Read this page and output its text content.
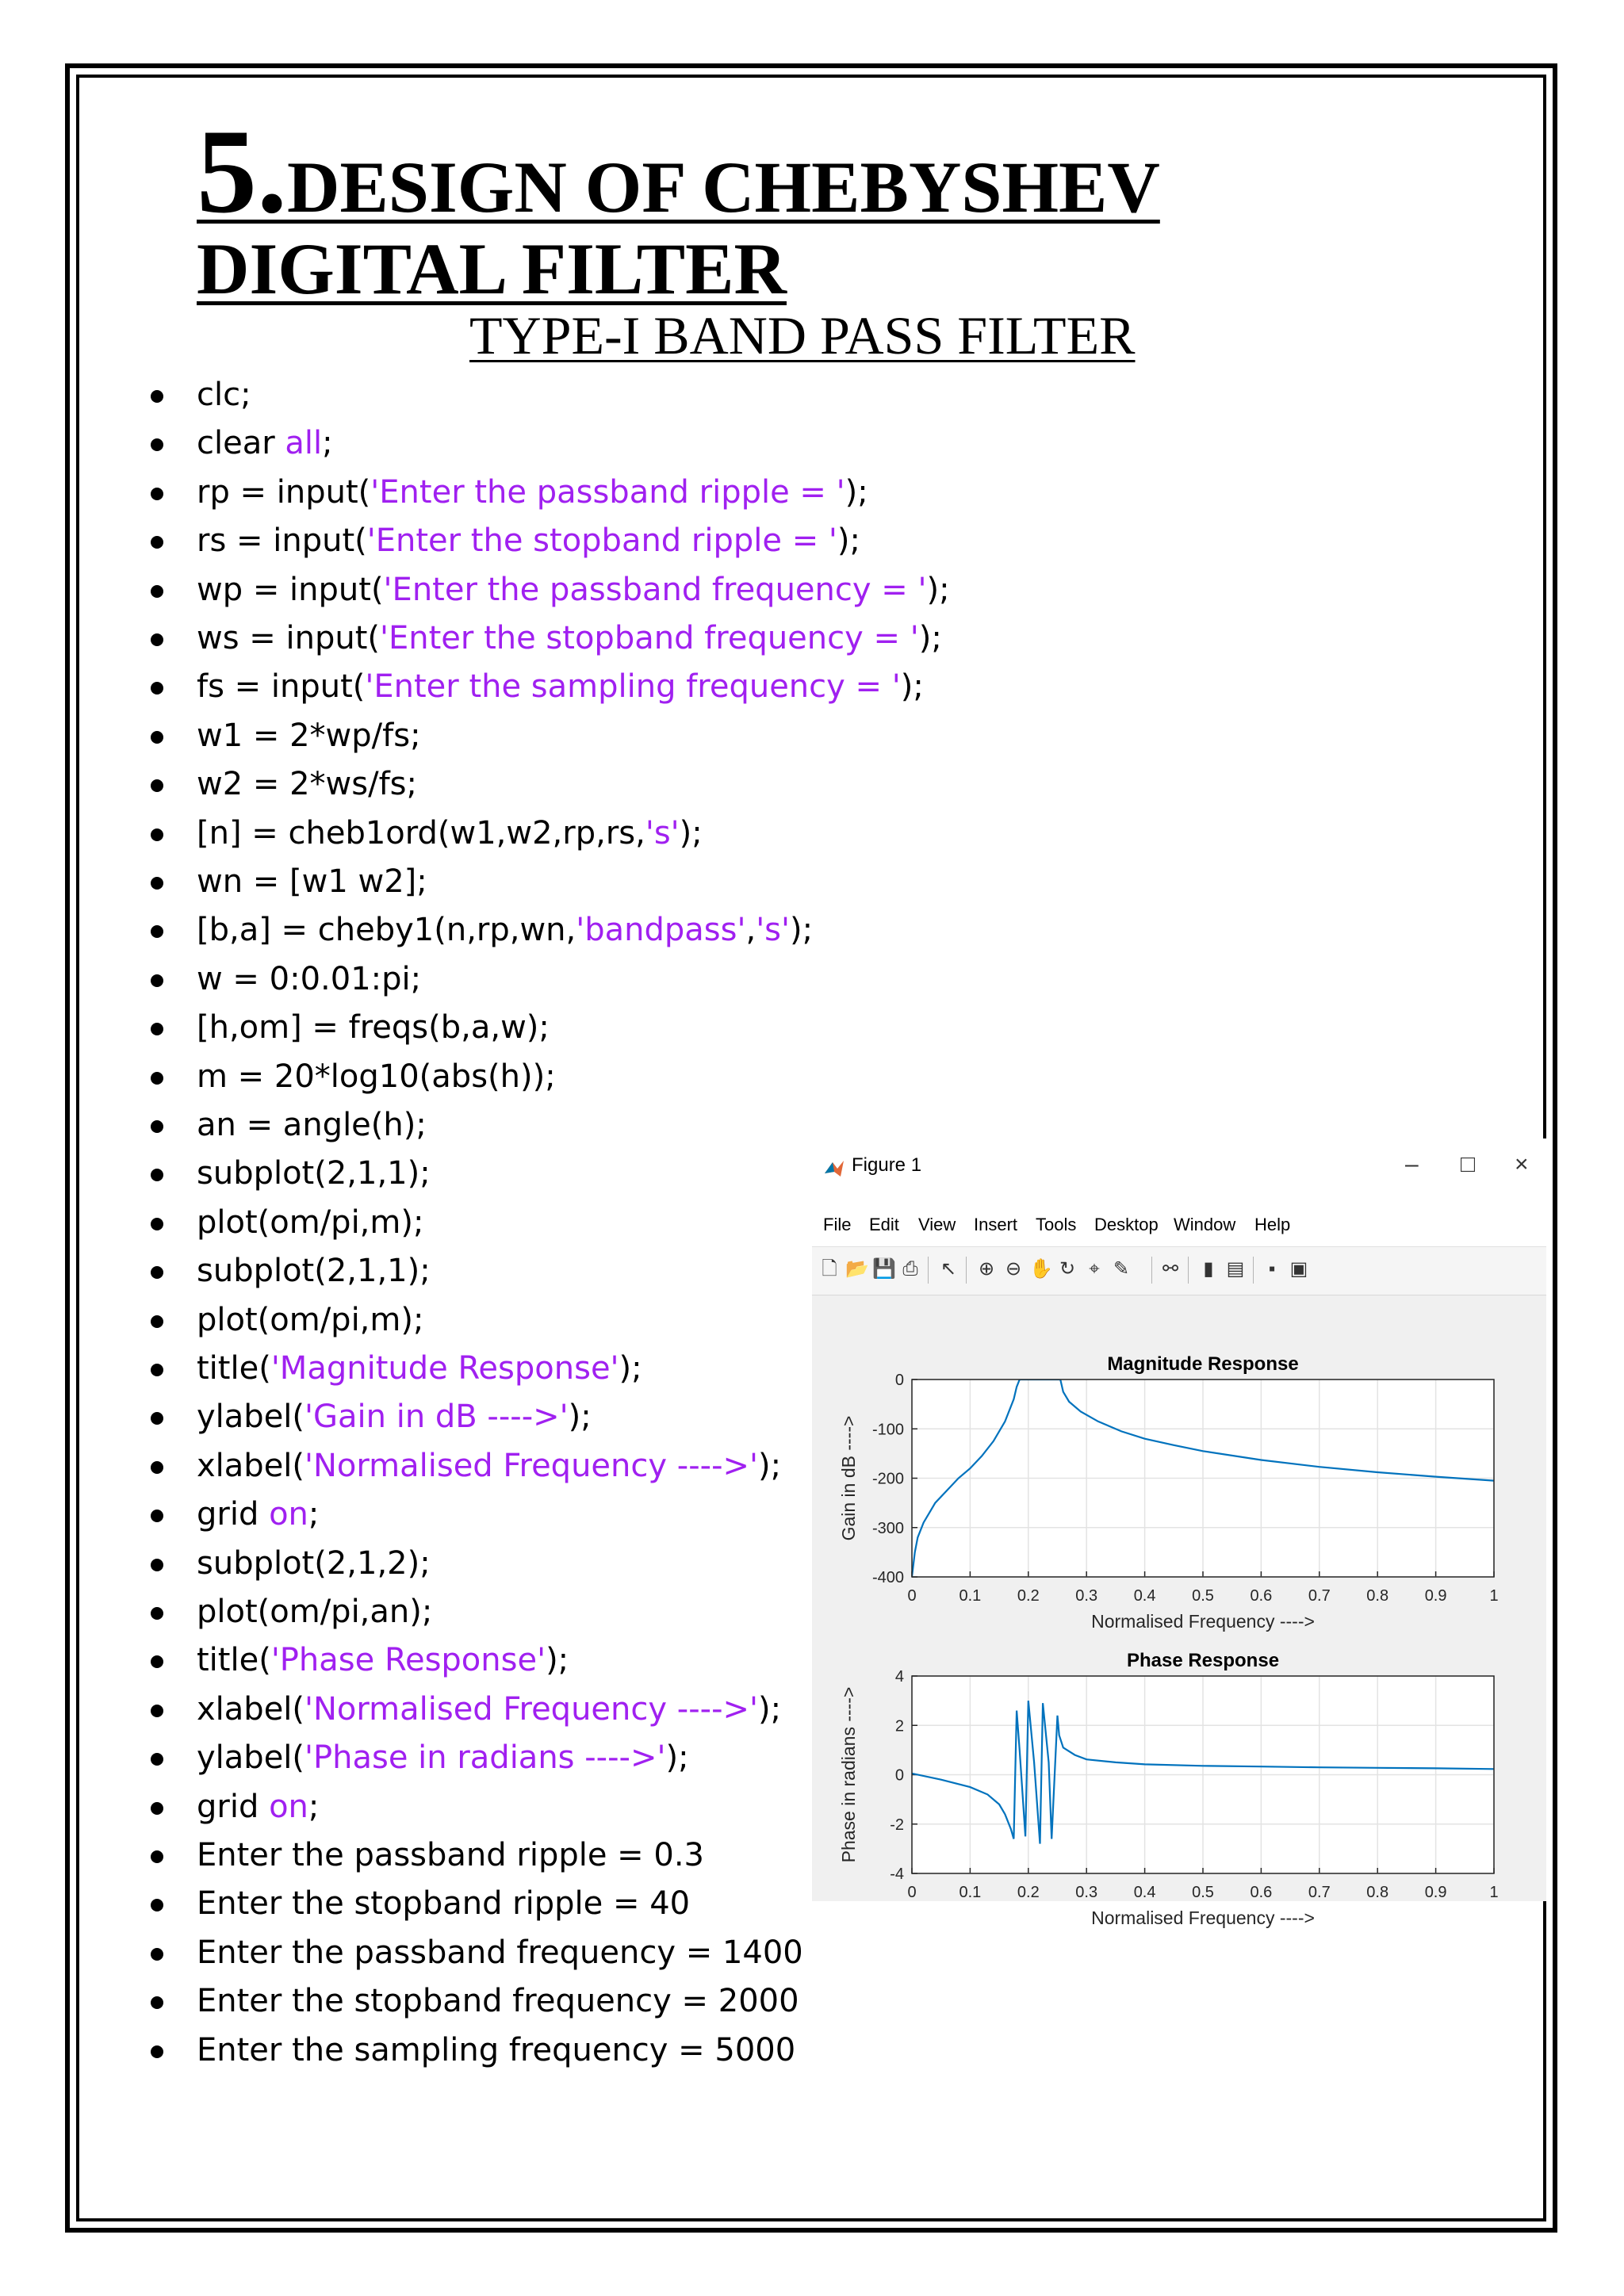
5.DESIGN OF CHEBYSHEV
DIGITAL FILTER
TYPE-I BAND PASS FILTER
clc;
clear all;
rp = input('Enter the passband ripple = ');
rs = input('Enter the stopband ripple = ');
wp = input('Enter the passband frequency = ');
ws = input('Enter the stopband frequency = ');
fs = input('Enter the sampling frequency = ');
w1 = 2*wp/fs;
w2 = 2*ws/fs;
[n] = cheb1ord(w1,w2,rp,rs,'s');
wn = [w1 w2];
[b,a] = cheby1(n,rp,wn,'bandpass','s');
w = 0:0.01:pi;
[h,om] = freqs(b,a,w);
m = 20*log10(abs(h));
an = angle(h);
subplot(2,1,1);
plot(om/pi,m);
subplot(2,1,1);
plot(om/pi,m);
title('Magnitude Response');
ylabel('Gain in dB ---->');
xlabel('Normalised Frequency ---->');
grid on;
subplot(2,1,2);
plot(om/pi,an);
title('Phase Response');
xlabel('Normalised Frequency ---->');
ylabel('Phase in radians ---->');
grid on;
Enter the passband ripple = 0.3
Enter the stopband ripple = 40
Enter the passband frequency = 1400
Enter the stopband frequency = 2000
Enter the sampling frequency = 5000
Figure 1	– □ ×
File Edit View Insert Tools Desktop Window Help
🗋 📂 💾 ⎙ ↖ ⊕ ⊖ ✋ ↻ ⌖ ✎ ⚯	▮ ▤	▪ ▣
0	0.1 0.2 0.3 0.4 0.5 0.6 0.7 0.8 0.9	1
0
-100
-200
-300
-400
Magnitude Response
Normalised Frequency ---->
Gain in dB ---->
0	0.1 0.2 0.3 0.4 0.5 0.6 0.7 0.8 0.9	1
4
2
0
-2
-4
Phase Response
Normalised Frequency ---->
Phase in radians ---->
